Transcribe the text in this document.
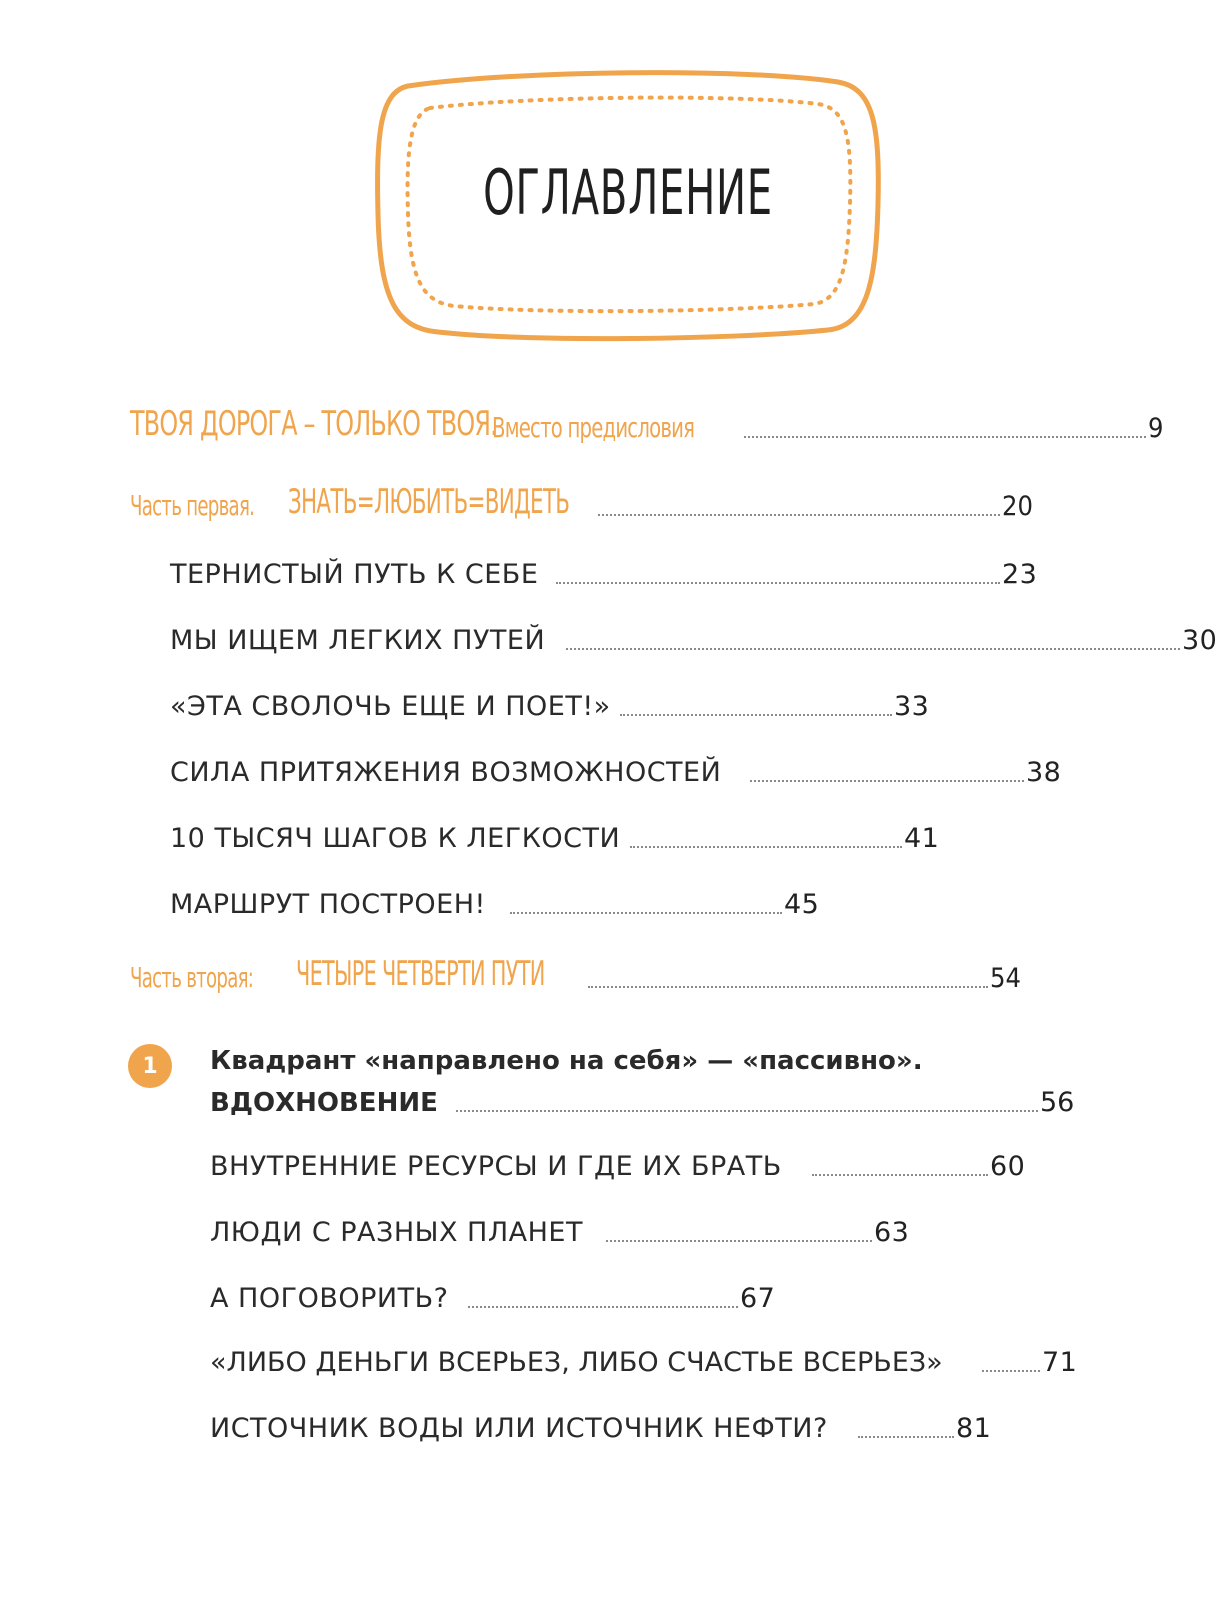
ОГЛАВЛЕНИЕ
ТВОЯ ДОРОГА – ТОЛЬКО ТВОЯ.
Вместо предисловия	9
Часть первая. ЗНАТЬ=ЛЮБИТЬ=ВИДЕТЬ	20
ТЕРНИСТЫЙ ПУТЬ К СЕБЕ	23
МЫ ИЩЕМ ЛЕГКИХ ПУТЕЙ	30
«ЭТА СВОЛОЧЬ ЕЩЕ И ПОЕТ!»	33
СИЛА ПРИТЯЖЕНИЯ ВОЗМОЖНОСТЕЙ	38
10 ТЫСЯЧ ШАГОВ К ЛЕГКОСТИ	41
МАРШРУТ ПОСТРОЕН!	45
Часть вторая:	ЧЕТЫРЕ ЧЕТВЕРТИ ПУТИ	54
1	Квадрант «направлено на себя» — «пассивно».
ВДОХНОВЕНИЕ	56
ВНУТРЕННИЕ РЕСУРСЫ И ГДЕ ИХ БРАТЬ	60
ЛЮДИ С РАЗНЫХ ПЛАНЕТ	63
А ПОГОВОРИТЬ?	67
«ЛИБО ДЕНЬГИ ВСЕРЬЕЗ, ЛИБО СЧАСТЬЕ ВСЕРЬЕЗ»	71
ИСТОЧНИК ВОДЫ ИЛИ ИСТОЧНИК НЕФТИ?	81
